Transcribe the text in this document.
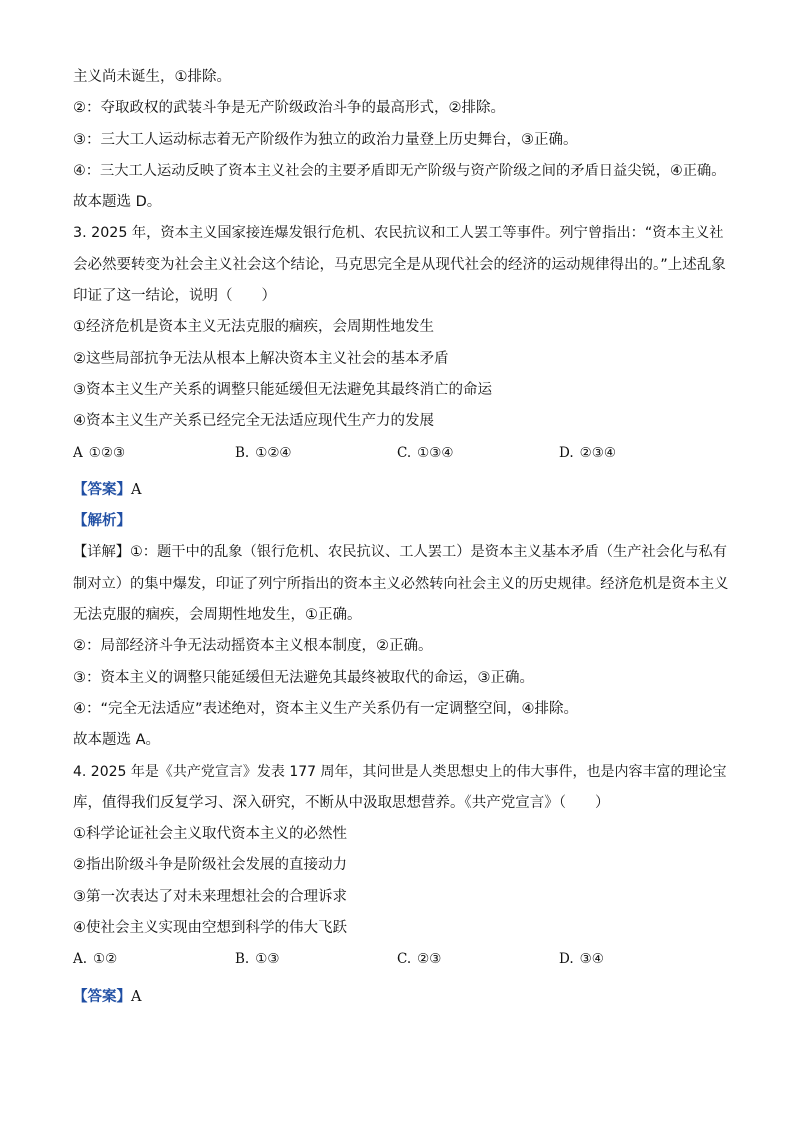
主义尚未诞生，①排除。
②：夺取政权的武装斗争是无产阶级政治斗争的最高形式，②排除。
③：三大工人运动标志着无产阶级作为独立的政治力量登上历史舞台，③正确。
④：三大工人运动反映了资本主义社会的主要矛盾即无产阶级与资产阶级之间的矛盾日益尖锐，④正确。
故本题选 D。
3. 2025 年，资本主义国家接连爆发银行危机、农民抗议和工人罢工等事件。列宁曾指出：“资本主义社
会必然要转变为社会主义社会这个结论，马克思完全是从现代社会的经济的运动规律得出的。”上述乱象
印证了这一结论，说明（　　）
①经济危机是资本主义无法克服的痼疾，会周期性地发生
②这些局部抗争无法从根本上解决资本主义社会的基本矛盾
③资本主义生产关系的调整只能延缓但无法避免其最终消亡的命运
④资本主义生产关系已经完全无法适应现代生产力的发展
A ①②③	B. ①②④	C. ①③④	D. ②③④
【答案】A
【解析】
【详解】①：题干中的乱象（银行危机、农民抗议、工人罢工）是资本主义基本矛盾（生产社会化与私有
制对立）的集中爆发，印证了列宁所指出的资本主义必然转向社会主义的历史规律。经济危机是资本主义
无法克服的痼疾，会周期性地发生，①正确。
②：局部经济斗争无法动摇资本主义根本制度，②正确。
③：资本主义的调整只能延缓但无法避免其最终被取代的命运，③正确。
④：“完全无法适应”表述绝对，资本主义生产关系仍有一定调整空间，④排除。
故本题选 A。
4. 2025 年是《共产党宣言》发表 177 周年，其问世是人类思想史上的伟大事件，也是内容丰富的理论宝
库，值得我们反复学习、深入研究，不断从中汲取思想营养。《共产党宣言》（　　）
①科学论证社会主义取代资本主义的必然性
②指出阶级斗争是阶级社会发展的直接动力
③第一次表达了对未来理想社会的合理诉求
④使社会主义实现由空想到科学的伟大飞跃
A. ①②	B. ①③	C. ②③	D. ③④
【答案】A
